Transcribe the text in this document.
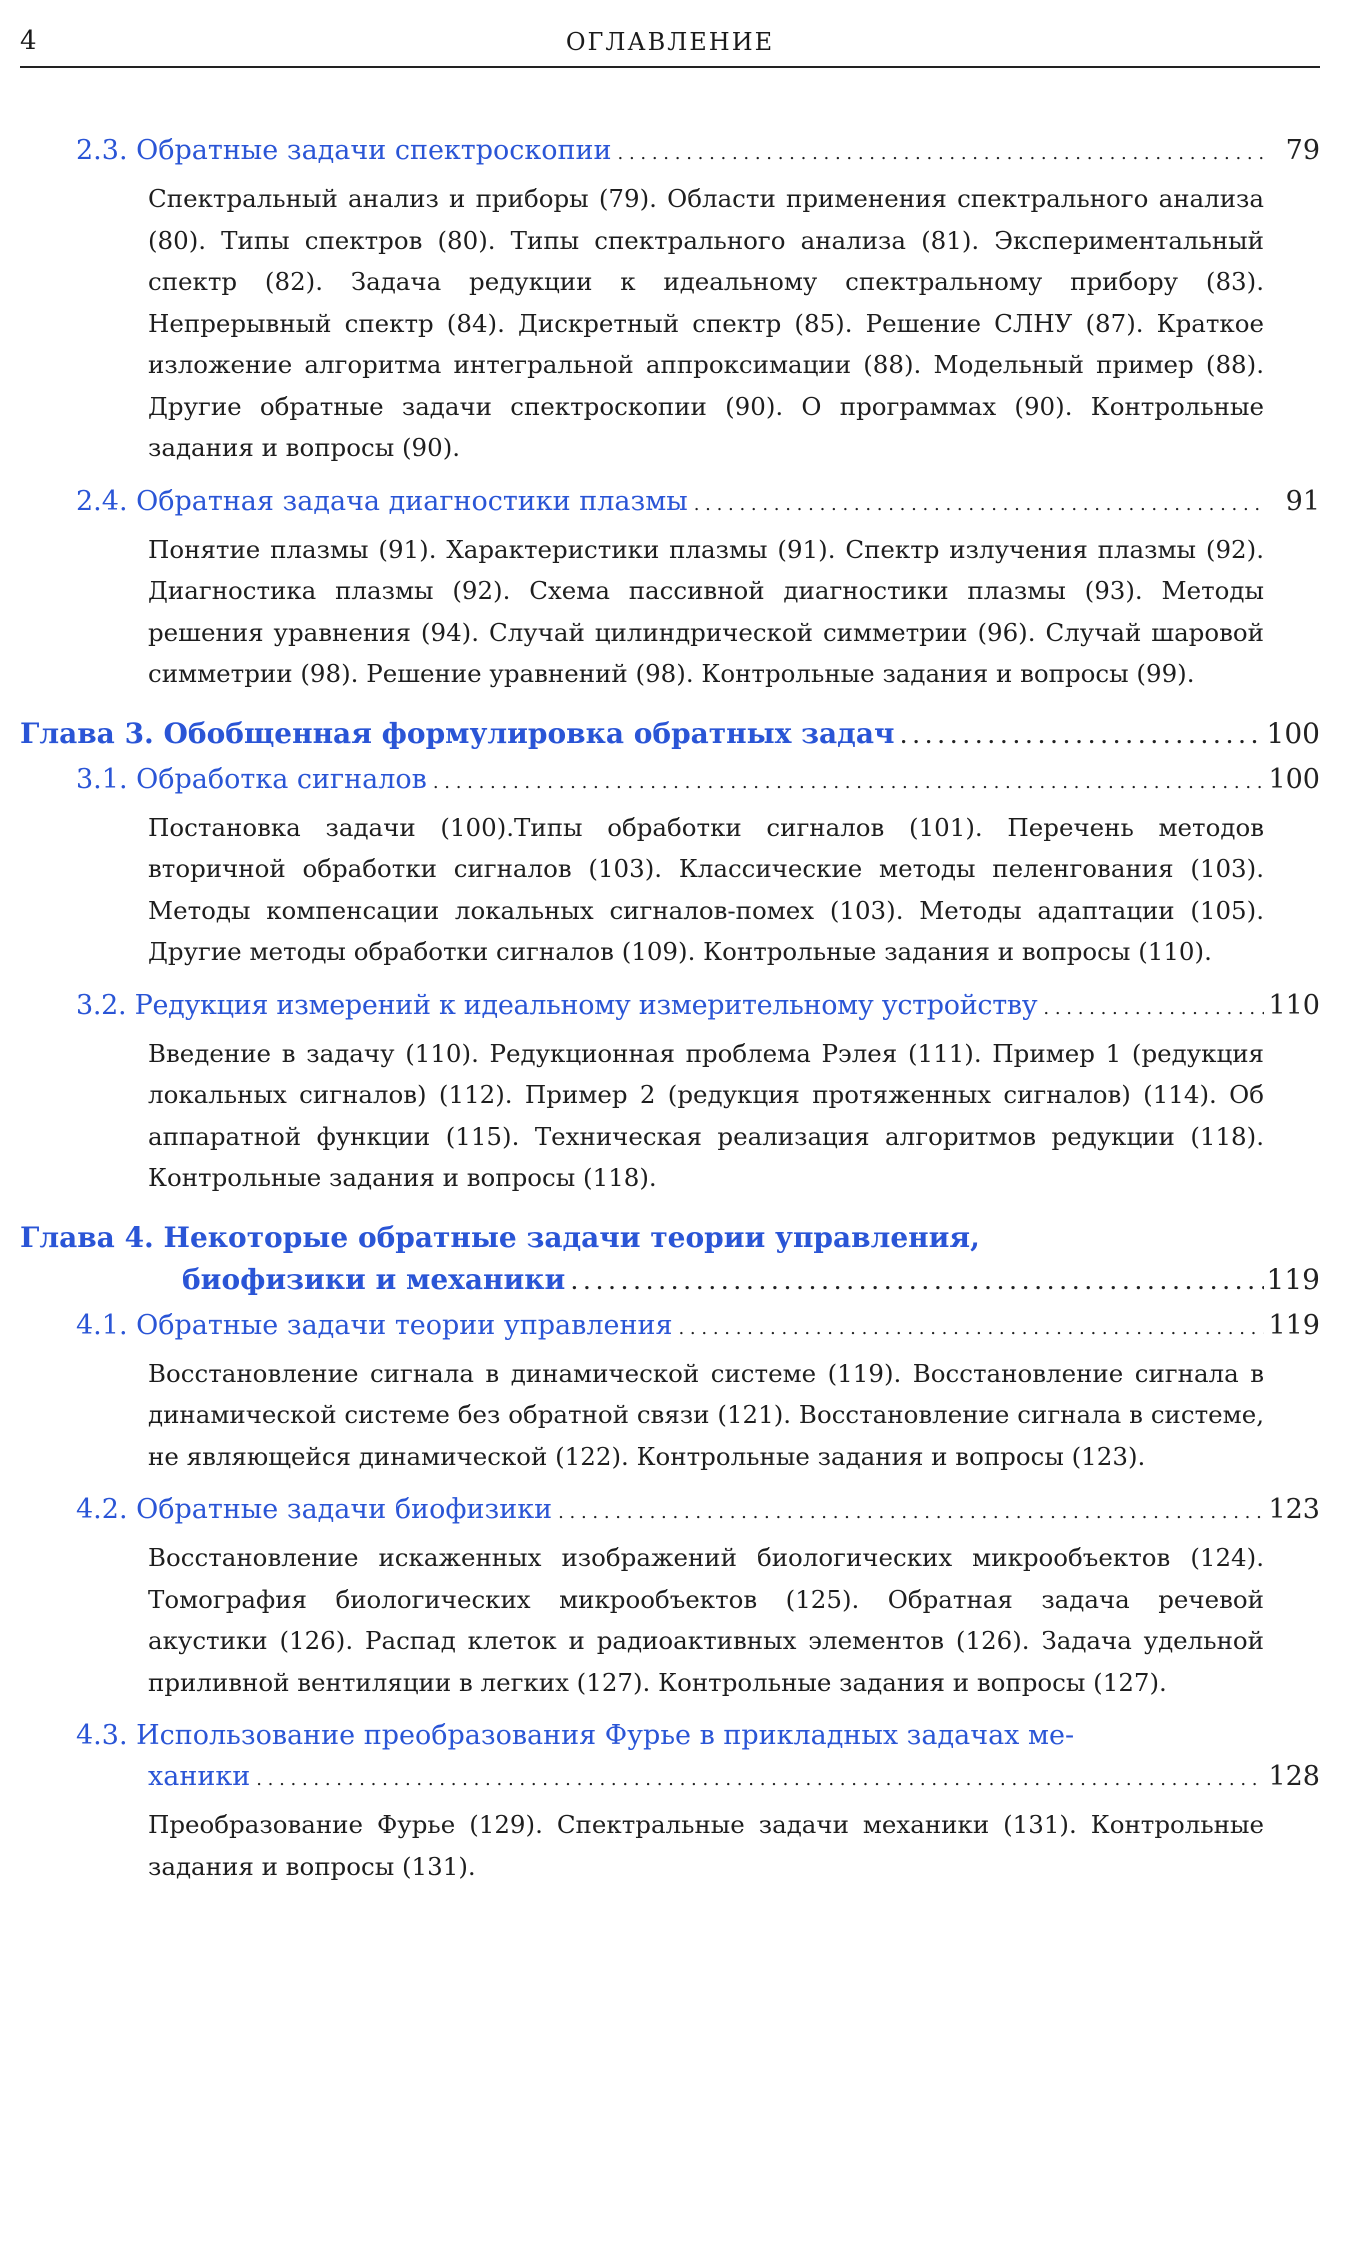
4	ОГЛАВЛЕНИЕ
2.3. Обратные задачи спектроскопии . . .	79
Спектральный анализ и приборы (79). Области применения спектрального анализа (80). Типы спектров (80). Типы спектрального анализа (81). Экспериментальный спектр (82). Задача редукции к идеальному спектральному прибору (83). Непрерывный спектр (84). Дискретный спектр (85). Решение СЛНУ (87). Краткое изложение алгоритма интегральной аппроксимации (88). Модельный пример (88). Другие обратные задачи спектроскопии (90). О программах (90). Контрольные задания и вопросы (90).
2.4. Обратная задача диагностики плазмы . . .	91
Понятие плазмы (91). Характеристики плазмы (91). Спектр излучения плазмы (92). Диагностика плазмы (92). Схема пассивной диагностики плазмы (93). Методы решения уравнения (94). Случай цилиндрической симметрии (96). Случай шаровой симметрии (98). Решение уравнений (98). Контрольные задания и вопросы (99).
Глава 3. Обобщенная формулировка обратных задач . . .	100
3.1. Обработка сигналов . . .	100
Постановка задачи (100).Типы обработки сигналов (101). Перечень методов вторичной обработки сигналов (103). Классические методы пеленгования (103). Методы компенсации локальных сигналов-помех (103). Методы адаптации (105). Другие методы обработки сигналов (109). Контрольные задания и вопросы (110).
3.2. Редукция измерений к идеальному измерительному устройству . . .	110
Введение в задачу (110). Редукционная проблема Рэлея (111). Пример 1 (редукция локальных сигналов) (112). Пример 2 (редукция протяженных сигналов) (114). Об аппаратной функции (115). Техническая реализация алгоритмов редукции (118). Контрольные задания и вопросы (118).
Глава 4. Некоторые обратные задачи теории управления,
биофизики и механики . . .	119
4.1. Обратные задачи теории управления . . .	119
Восстановление сигнала в динамической системе (119). Восстановление сигнала в динамической системе без обратной связи (121). Восстановление сигнала в системе, не являющейся динамической (122). Контрольные задания и вопросы (123).
4.2. Обратные задачи биофизики . . .	123
Восстановление искаженных изображений биологических микрообъектов (124). Томография биологических микрообъектов (125). Обратная задача речевой акустики (126). Распад клеток и радиоактивных элементов (126). Задача удельной приливной вентиляции в легких (127). Контрольные задания и вопросы (127).
4.3. Использование преобразования Фурье в прикладных задачах ме-
ханики . . .	128
Преобразование Фурье (129). Спектральные задачи механики (131). Контрольные задания и вопросы (131).
